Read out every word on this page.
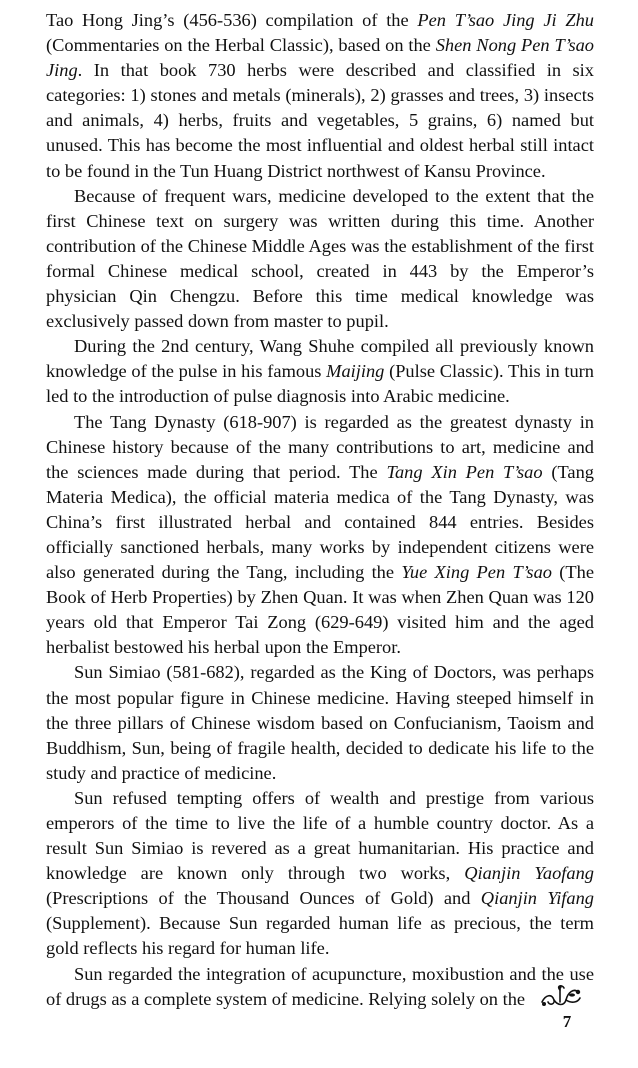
Tao Hong Jing’s (456-536) compilation of the Pen T’sao Jing Ji Zhu (Commentaries on the Herbal Classic), based on the Shen Nong Pen T’sao Jing. In that book 730 herbs were described and classified in six categories: 1) stones and metals (minerals), 2) grasses and trees, 3) insects and animals, 4) herbs, fruits and vegetables, 5 grains, 6) named but unused. This has become the most influential and oldest herbal still intact to be found in the Tun Huang District northwest of Kansu Province.

Because of frequent wars, medicine developed to the extent that the first Chinese text on surgery was written during this time. Another contribution of the Chinese Middle Ages was the establishment of the first formal Chinese medical school, created in 443 by the Emperor’s physician Qin Chengzu. Before this time medical knowledge was exclusively passed down from master to pupil.

During the 2nd century, Wang Shuhe compiled all previously known knowledge of the pulse in his famous Maijing (Pulse Classic). This in turn led to the introduction of pulse diagnosis into Arabic medicine.

The Tang Dynasty (618-907) is regarded as the greatest dynasty in Chinese history because of the many contributions to art, medicine and the sciences made during that period. The Tang Xin Pen T’sao (Tang Materia Medica), the official materia medica of the Tang Dynasty, was China’s first illustrated herbal and contained 844 entries. Besides officially sanctioned herbals, many works by independent citizens were also generated during the Tang, including the Yue Xing Pen T’sao (The Book of Herb Properties) by Zhen Quan. It was when Zhen Quan was 120 years old that Emperor Tai Zong (629-649) visited him and the aged herbalist bestowed his herbal upon the Emperor.

Sun Simiao (581-682), regarded as the King of Doctors, was perhaps the most popular figure in Chinese medicine. Having steeped himself in the three pillars of Chinese wisdom based on Confucianism, Taoism and Buddhism, Sun, being of fragile health, decided to dedicate his life to the study and practice of medicine.

Sun refused tempting offers of wealth and prestige from various emperors of the time to live the life of a humble country doctor. As a result Sun Simiao is revered as a great humanitarian. His practice and knowledge are known only through two works, Qianjin Yaofang (Prescriptions of the Thousand Ounces of Gold) and Qianjin Yifang (Supplement). Because Sun regarded human life as precious, the term gold reflects his regard for human life.

Sun regarded the integration of acupuncture, moxibustion and the use of drugs as a complete system of medicine. Relying solely on the

7
